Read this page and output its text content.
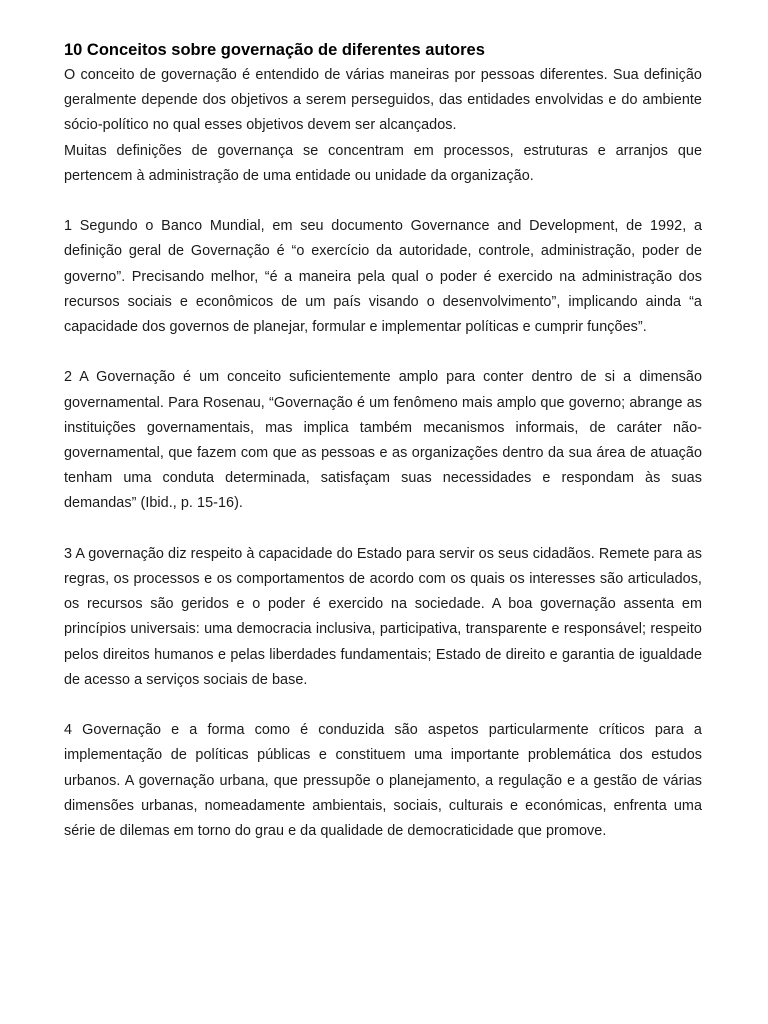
10 Conceitos sobre governação de diferentes autores

O conceito de governação é entendido de várias maneiras por pessoas diferentes. Sua definição geralmente depende dos objetivos a serem perseguidos, das entidades envolvidas e do ambiente sócio-político no qual esses objetivos devem ser alcançados.

Muitas definições de governança se concentram em processos, estruturas e arranjos que pertencem à administração de uma entidade ou unidade da organização.

1 Segundo o Banco Mundial, em seu documento Governance and Development, de 1992, a definição geral de Governação é “o exercício da autoridade, controle, administração, poder de governo”. Precisando melhor, “é a maneira pela qual o poder é exercido na administração dos recursos sociais e econômicos de um país visando o desenvolvimento”, implicando ainda “a capacidade dos governos de planejar, formular e implementar políticas e cumprir funções”.

2 A Governação é um conceito suficientemente amplo para conter dentro de si a dimensão governamental. Para Rosenau, “Governação é um fenômeno mais amplo que governo; abrange as instituições governamentais, mas implica também mecanismos informais, de caráter não-governamental, que fazem com que as pessoas e as organizações dentro da sua área de atuação tenham uma conduta determinada, satisfaçam suas necessidades e respondam às suas demandas” (Ibid., p. 15-16).

3 A governação diz respeito à capacidade do Estado para servir os seus cidadãos. Remete para as regras, os processos e os comportamentos de acordo com os quais os interesses são articulados, os recursos são geridos e o poder é exercido na sociedade. A boa governação assenta em princípios universais: uma democracia inclusiva, participativa, transparente e responsável; respeito pelos direitos humanos e pelas liberdades fundamentais; Estado de direito e garantia de igualdade de acesso a serviços sociais de base.

4 Governação e a forma como é conduzida são aspetos particularmente críticos para a implementação de políticas públicas e constituem uma importante problemática dos estudos urbanos. A governação urbana, que pressupõe o planejamento, a regulação e a gestão de várias dimensões urbanas, nomeadamente ambientais, sociais, culturais e económicas, enfrenta uma série de dilemas em torno do grau e da qualidade de democraticidade que promove.
